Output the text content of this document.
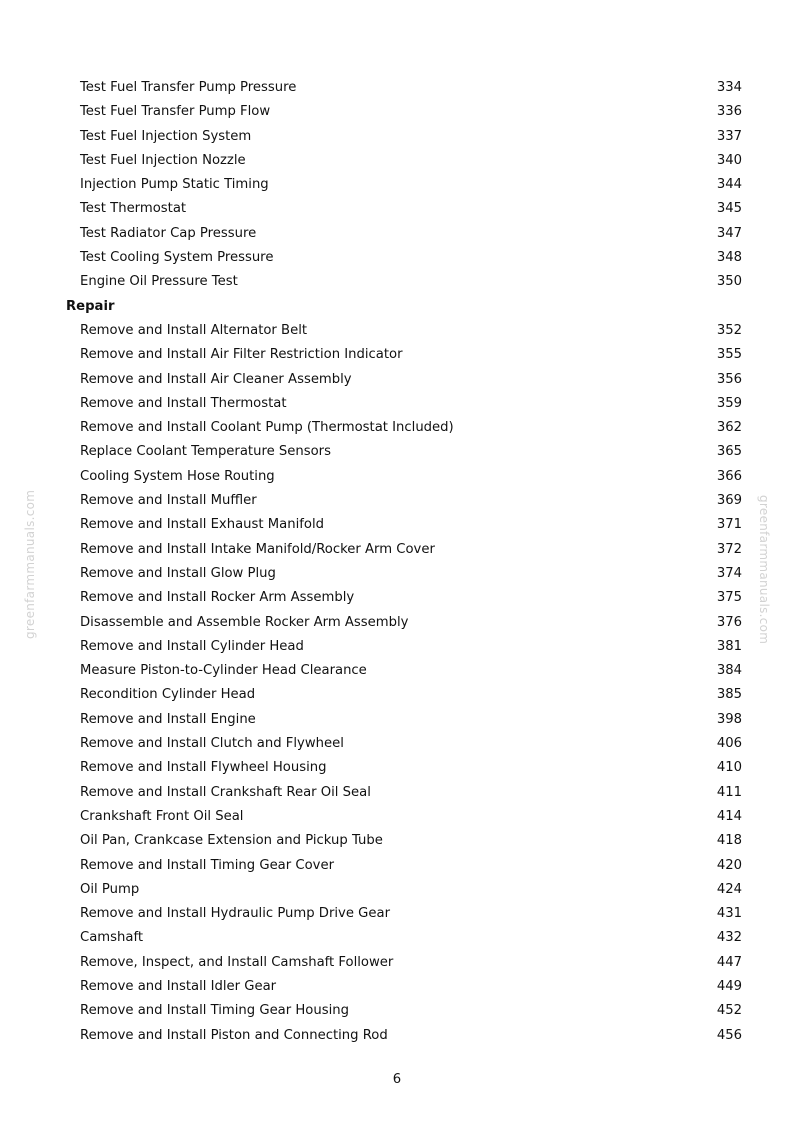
Test Fuel Transfer Pump Pressure	334
Test Fuel Transfer Pump Flow	336
Test Fuel Injection System	337
Test Fuel Injection Nozzle	340
Injection Pump Static Timing	344
Test Thermostat	345
Test Radiator Cap Pressure	347
Test Cooling System Pressure	348
Engine Oil Pressure Test	350
Repair
Remove and Install Alternator Belt	352
Remove and Install Air Filter Restriction Indicator	355
Remove and Install Air Cleaner Assembly	356
Remove and Install Thermostat	359
Remove and Install Coolant Pump (Thermostat Included)	362
Replace Coolant Temperature Sensors	365
Cooling System Hose Routing	366
Remove and Install Muffler	369
Remove and Install Exhaust Manifold	371
Remove and Install Intake Manifold/Rocker Arm Cover	372
Remove and Install Glow Plug	374
Remove and Install Rocker Arm Assembly	375
Disassemble and Assemble Rocker Arm Assembly	376
Remove and Install Cylinder Head	381
Measure Piston-to-Cylinder Head Clearance	384
Recondition Cylinder Head	385
Remove and Install Engine	398
Remove and Install Clutch and Flywheel	406
Remove and Install Flywheel Housing	410
Remove and Install Crankshaft Rear Oil Seal	411
Crankshaft Front Oil Seal	414
Oil Pan, Crankcase Extension and Pickup Tube	418
Remove and Install Timing Gear Cover	420
Oil Pump	424
Remove and Install Hydraulic Pump Drive Gear	431
Camshaft	432
Remove, Inspect, and Install Camshaft Follower	447
Remove and Install Idler Gear	449
Remove and Install Timing Gear Housing	452
Remove and Install Piston and Connecting Rod	456
6
greenfarmmanuals.com	greenfarmmanuals.com
